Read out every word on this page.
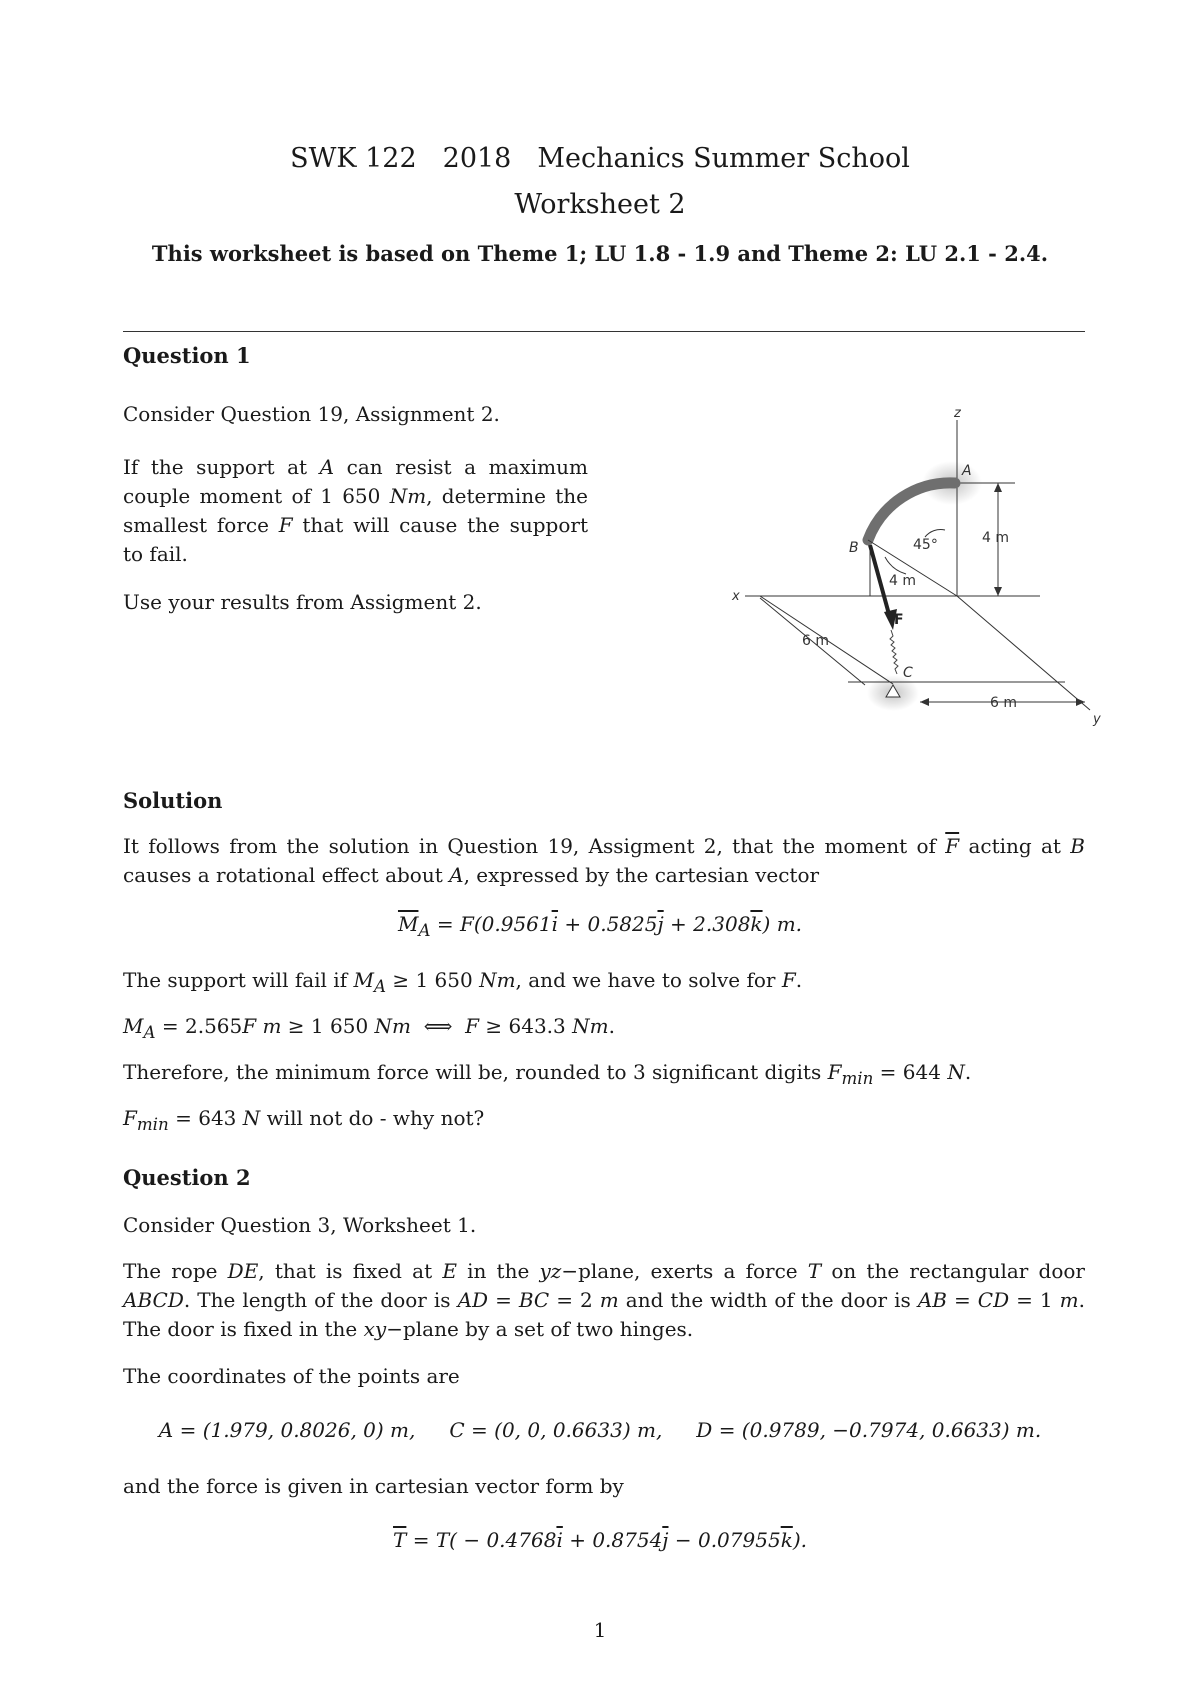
SWK 122 2018 Mechanics Summer School
Worksheet 2
This worksheet is based on Theme 1; LU 1.8 - 1.9 and Theme 2: LU 2.1 - 2.4.
Question 1
Consider Question 19, Assignment 2.
If the support at A can resist a maximum couple moment of 1 650 Nm, determine the smallest force F that will cause the support to fail.
Use your results from Assigment 2.
z
x
y
A
B
C
F
45°	4 m
4 m
6 m
6 m
Solution
It follows from the solution in Question 19, Assigment 2, that the moment of $\overline{F}$ acting at B causes a rotational effect about A, expressed by the cartesian vector
$\overline{M}_A = F(0.9561\overline{i} + 0.5825\overline{j} + 2.308\overline{k})$ m.
The support will fail if $M_A \ge 1$ 650 Nm, and we have to solve for F.
$M_A = 2.565F$ m ≥ 1 650 Nm  ⟺  F ≥ 643.3 Nm.
Therefore, the minimum force will be, rounded to 3 significant digits $F_{min} = 644$ N.
$F_{min} = 643$ N will not do - why not?
Question 2
Consider Question 3, Worksheet 1.
The rope DE, that is fixed at E in the yz−plane, exerts a force T on the rectangular door ABCD. The length of the door is AD = BC = 2 m and the width of the door is AB = CD = 1 m. The door is fixed in the xy−plane by a set of two hinges.
The coordinates of the points are
A = (1.979, 0.8026, 0) m, C = (0, 0, 0.6633) m, D = (0.9789, −0.7974, 0.6633) m.
and the force is given in cartesian vector form by
$\overline{T} = T( - 0.4768\overline{i} + 0.8754\overline{j} - 0.07955\overline{k})$.
1
